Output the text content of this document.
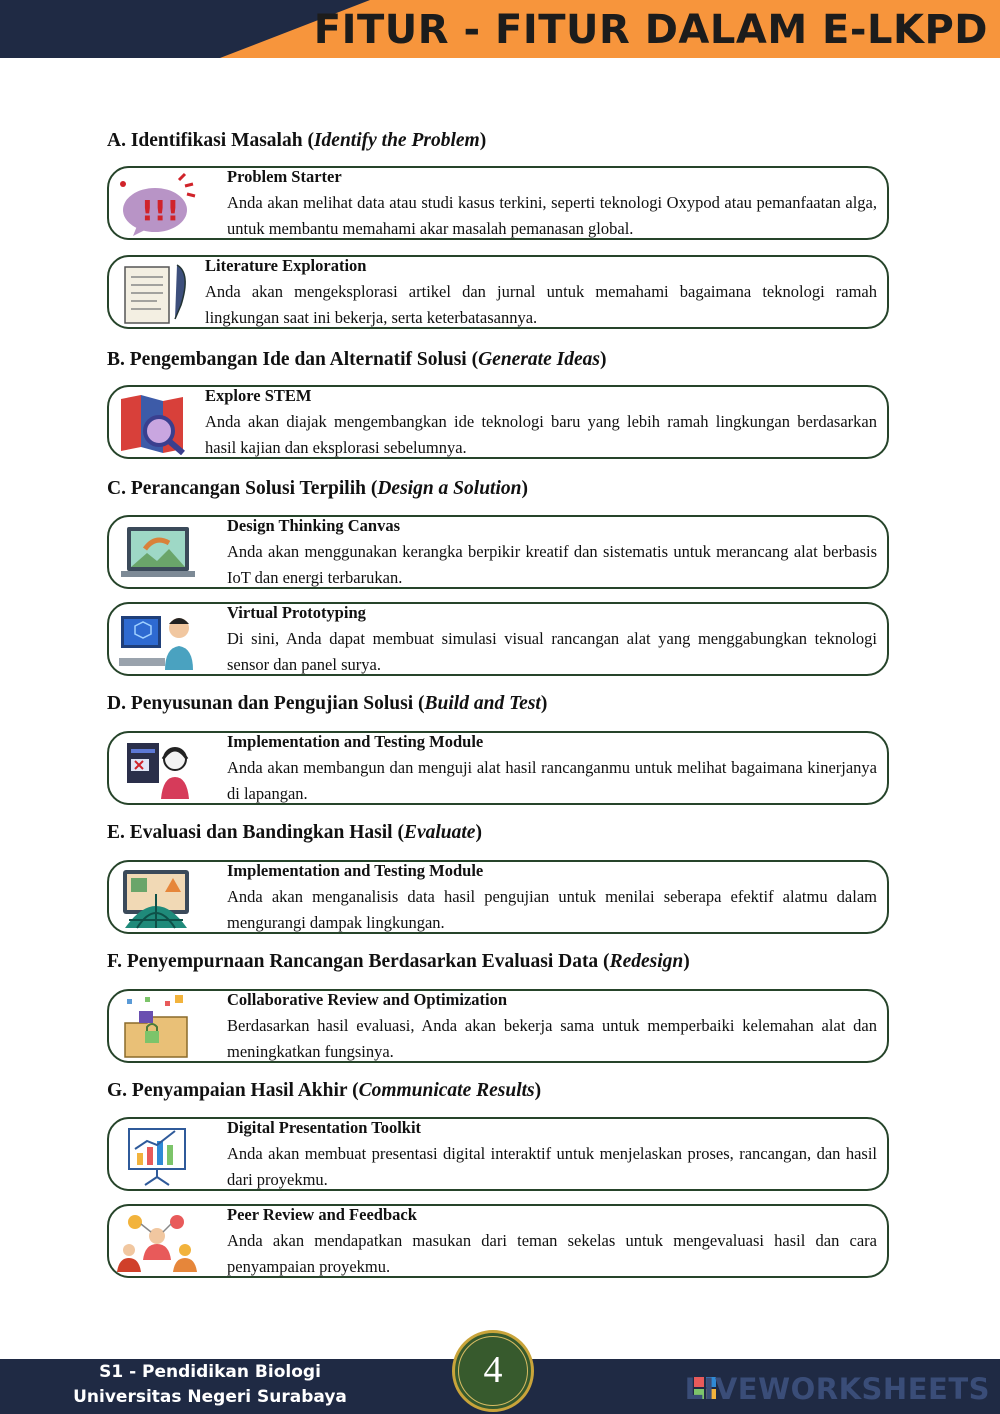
FITUR - FITUR DALAM E-LKPD
A. Identifikasi Masalah (Identify the Problem)
!!!
Problem Starter
Anda akan melihat data atau studi kasus terkini, seperti teknologi Oxypod atau pemanfaatan alga, untuk membantu memahami akar masalah pemanasan global.
Literature Exploration
Anda akan mengeksplorasi artikel dan jurnal untuk memahami bagaimana teknologi ramah lingkungan saat ini bekerja, serta keterbatasannya.
B. Pengembangan Ide dan Alternatif Solusi (Generate Ideas)
Explore STEM
Anda akan diajak mengembangkan ide teknologi baru yang lebih ramah lingkungan berdasarkan hasil kajian dan eksplorasi sebelumnya.
C. Perancangan Solusi Terpilih (Design a Solution)
Design Thinking Canvas
Anda akan menggunakan kerangka berpikir kreatif dan sistematis untuk merancang alat berbasis IoT dan energi terbarukan.
Virtual Prototyping
Di sini, Anda dapat membuat simulasi visual rancangan alat yang menggabungkan teknologi sensor dan panel surya.
D. Penyusunan dan Pengujian Solusi (Build and Test)
Implementation and Testing Module
Anda akan membangun dan menguji alat hasil rancanganmu untuk melihat bagaimana kinerjanya di lapangan.
E. Evaluasi dan Bandingkan Hasil (Evaluate)
Implementation and Testing Module
Anda akan menganalisis data hasil pengujian untuk menilai seberapa efektif alatmu dalam mengurangi dampak lingkungan.
F. Penyempurnaan Rancangan Berdasarkan Evaluasi Data (Redesign)
Collaborative Review and Optimization
Berdasarkan hasil evaluasi, Anda akan bekerja sama untuk memperbaiki kelemahan alat dan meningkatkan fungsinya.
G. Penyampaian Hasil Akhir (Communicate Results)
Digital Presentation Toolkit
Anda akan membuat presentasi digital interaktif untuk menjelaskan proses, rancangan, dan hasil dari proyekmu.
Peer Review and Feedback
Anda akan mendapatkan masukan dari teman sekelas untuk mengevaluasi hasil dan cara penyampaian proyekmu.
S1 - Pendidikan Biologi
Universitas Negeri Surabaya
4	LIVEWORKSHEETS
